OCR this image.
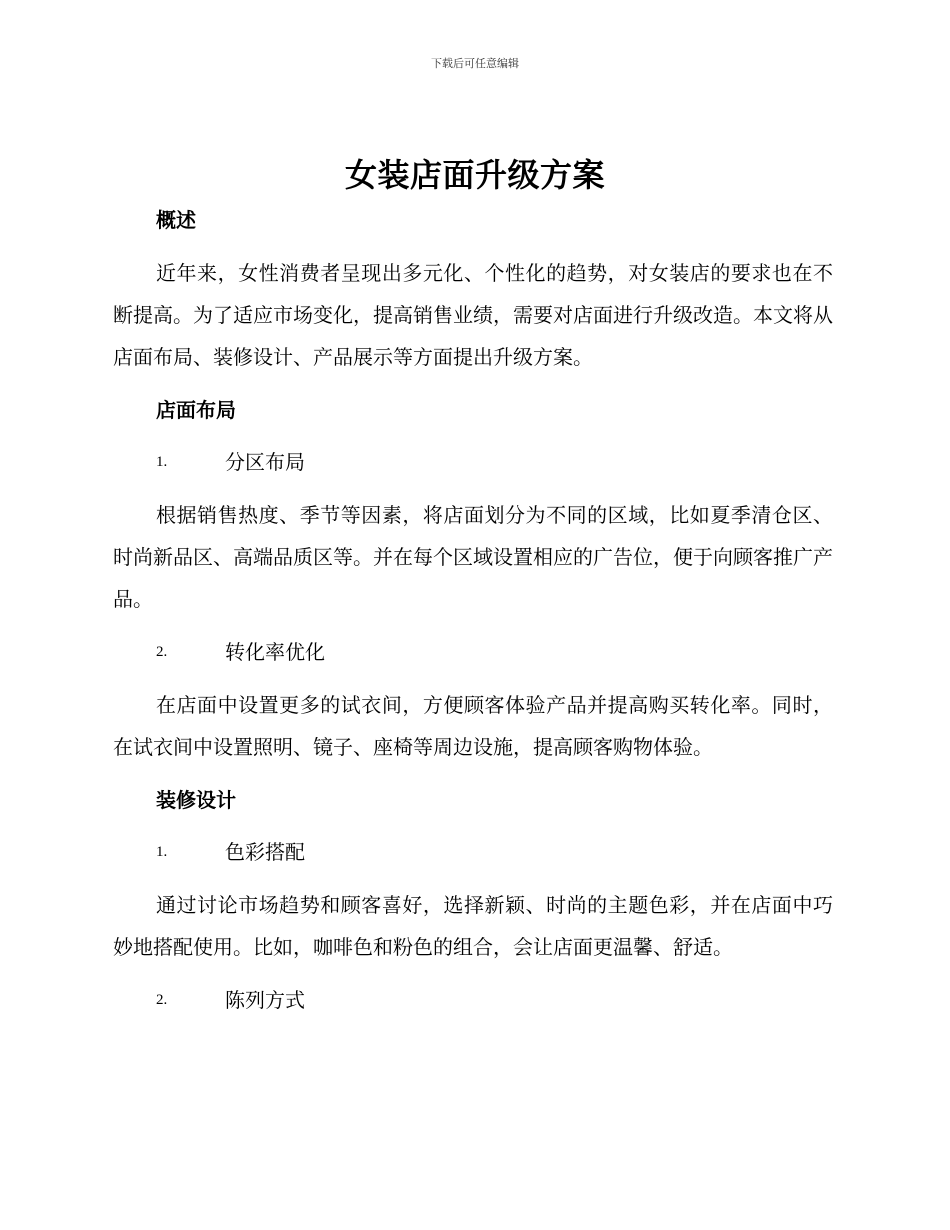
下载后可任意编辑
女装店面升级方案
概述

近年来，女性消费者呈现出多元化、个性化的趋势，对女装店的要求也在不断提高。为了适应市场变化，提高销售业绩，需要对店面进行升级改造。本文将从店面布局、装修设计、产品展示等方面提出升级方案。

店面布局
1.	分区布局

根据销售热度、季节等因素，将店面划分为不同的区域，比如夏季清仓区、时尚新品区、高端品质区等。并在每个区域设置相应的广告位，便于向顾客推广产品。

2.	转化率优化

在店面中设置更多的试衣间，方便顾客体验产品并提高购买转化率。同时，在试衣间中设置照明、镜子、座椅等周边设施，提高顾客购物体验。

装修设计
1.	色彩搭配

通过讨论市场趋势和顾客喜好，选择新颖、时尚的主题色彩，并在店面中巧妙地搭配使用。比如，咖啡色和粉色的组合，会让店面更温馨、舒适。

2.	陈列方式
